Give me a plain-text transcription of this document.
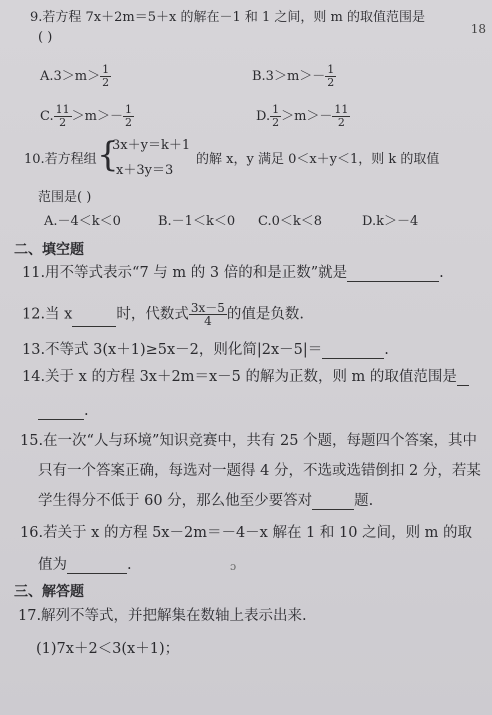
18
9.若方程 7x＋2m＝5＋x 的解在－1 和 1 之间，则 m 的取值范围是
( )
$A.3>m> \frac{1}{2}$	$B.3>m>- \frac{1}{2}$
C. $\frac{11}{2} >m>- \frac{1}{2}$	D. $\frac{1}{2} >m>- \frac{11}{2}$
10.若方程组 {
3x＋y＝k＋1
x＋3y＝3
的解 x，y 满足 0＜x＋y＜1，则 k 的取值
范围是( )
A.－4＜k＜0	B.－1＜k＜0 C.0＜k＜8	D.k＞－4
二、填空题
11.用不等式表示“7 与 m 的 3 倍的和是正数”就是	.
12.当 x	时，代数式 $\frac{3x-5}{4}$ 的值是负数.
13.不等式 3(x＋1)≥5x－2，则化简|2x－5|＝	.
14.关于 x 的方程 3x＋2m＝x－5 的解为正数，则 m 的取值范围是
.
15.在一次“人与环境”知识竞赛中，共有 25 个题，每题四个答案，其中
只有一个答案正确，每选对一题得 4 分，不选或选错倒扣 2 分，若某
学生得分不低于 60 分，那么他至少要答对	题.
16.若关于 x 的方程 5x－2m＝－4－x 解在 1 和 10 之间，则 m 的取
值为	.	ɔ
三、解答题
17.解列不等式，并把解集在数轴上表示出来.
(1)7x＋2＜3(x＋1)；
